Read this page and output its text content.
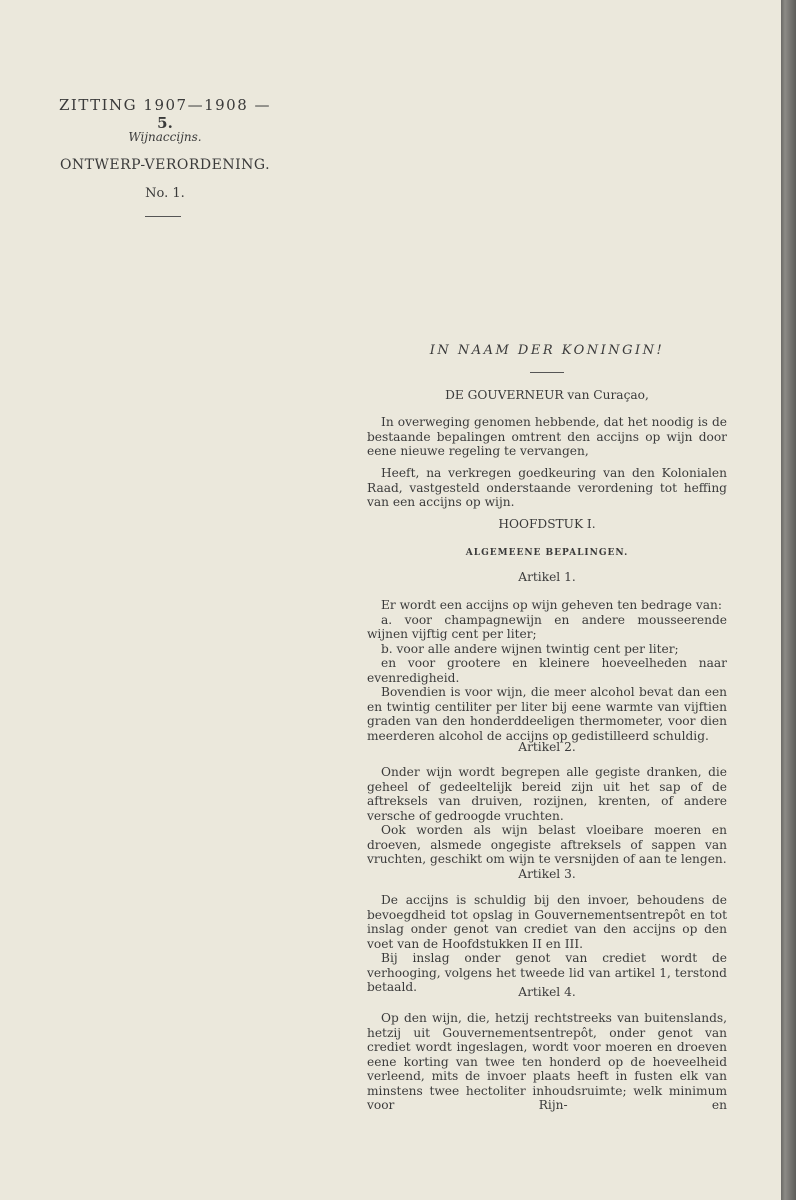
ZITTING 1907—1908 — 5.
Wijnaccijns.
ONTWERP-VERORDENING.
No. 1.
IN NAAM DER KONINGIN!
DE GOUVERNEUR van Curaçao,

In overweging genomen hebbende, dat het noodig is de bestaande bepalingen omtrent den accijns op wijn door eene nieuwe regeling te vervangen,

Heeft, na verkregen goedkeuring van den Kolonialen Raad, vastgesteld onderstaande verordening tot heffing van een accijns op wijn.

HOOFDSTUK I.
ALGEMEENE BEPALINGEN.
Artikel 1.

Er wordt een accijns op wijn geheven ten bedrage van:

a. voor champagnewijn en andere mousseerende wijnen vijftig cent per liter;

b. voor alle andere wijnen twintig cent per liter;

en voor grootere en kleinere hoeveelheden naar evenredigheid.

Bovendien is voor wijn, die meer alcohol bevat dan een en twintig centiliter per liter bij eene warmte van vijftien graden van den honderddeeligen thermometer, voor dien meerderen alcohol de accijns op gedistilleerd schuldig.

Artikel 2.

Onder wijn wordt begrepen alle gegiste dranken, die geheel of gedeeltelijk bereid zijn uit het sap of de aftreksels van druiven, rozijnen, krenten, of andere versche of gedroogde vruchten.

Ook worden als wijn belast vloeibare moeren en droeven, alsmede ongegiste aftreksels of sappen van vruchten, geschikt om wijn te versnijden of aan te lengen.

Artikel 3.

De accijns is schuldig bij den invoer, behoudens de bevoegdheid tot opslag in Gouvernementsentrepôt en tot inslag onder genot van crediet van den accijns op den voet van de Hoofdstukken II en III.

Bij inslag onder genot van crediet wordt de verhooging, volgens het tweede lid van artikel 1, terstond betaald.	Artikel 4.

Op den wijn, die, hetzij rechtstreeks van buitenslands, hetzij uit Gouvernementsentrepôt, onder genot van crediet wordt ingeslagen, wordt voor moeren en droeven eene korting van twee ten honderd op de hoeveelheid verleend, mits de invoer plaats heeft in fusten elk van minstens twee hectoliter inhoudsruimte; welk minimum voor Rijn- en
